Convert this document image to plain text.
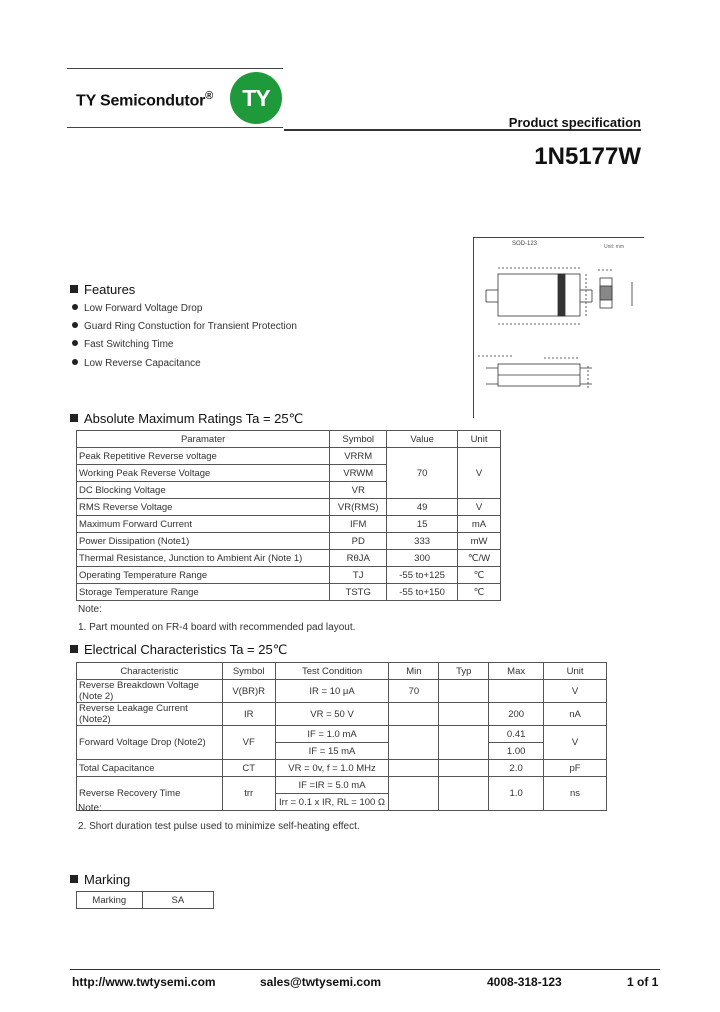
TY Semicondutor®	TY
Product specification
1N5177W
SOD-123	Unit: mm
Features
Low Forward Voltage Drop
Guard Ring Constuction for Transient Protection
Fast Switching Time
Low Reverse Capacitance
Absolute Maximum Ratings Ta = 25℃
Paramater	Symbol	Value	Unit
Peak Repetitive Reverse voltage	VRRM	70	V
Working Peak Reverse Voltage	VRWM		
DC Blocking Voltage	VR		
RMS Reverse Voltage	VR(RMS)	49	V
Maximum Forward Current	IFM	15	mA
Power Dissipation (Note1)	PD	333	mW
Thermal Resistance, Junction to Ambient Air (Note 1)	RθJA	300	℃/W
Operating Temperature Range	TJ	-55 to+125	℃
Storage Temperature Range	TSTG	-55 to+150	℃
Note:
1. Part mounted on FR-4 board with recommended pad layout.
Electrical Characteristics Ta = 25℃
Characteristic	Symbol	Test Condition	Min	Typ	Max	Unit
Reverse Breakdown Voltage (Note 2)	V(BR)R	IR = 10 μA	70			V
Reverse Leakage Current (Note2)	IR	VR = 50 V			200	nA
Forward Voltage Drop (Note2)	VF	IF = 1.0 mA			0.41	V
		IF = 15 mA			1.00	
Total Capacitance	CT	VR = 0v, f = 1.0 MHz			2.0	pF
Reverse Recovery Time	trr	IF =IR = 5.0 mA			1.0	ns
		Irr = 0.1 x IR, RL = 100 Ω				
Note:
2. Short duration test pulse used to minimize self-heating effect.
Marking
Marking	SA
http://www.twtysemi.com	sales@twtysemi.com	4008-318-123	1 of 1
